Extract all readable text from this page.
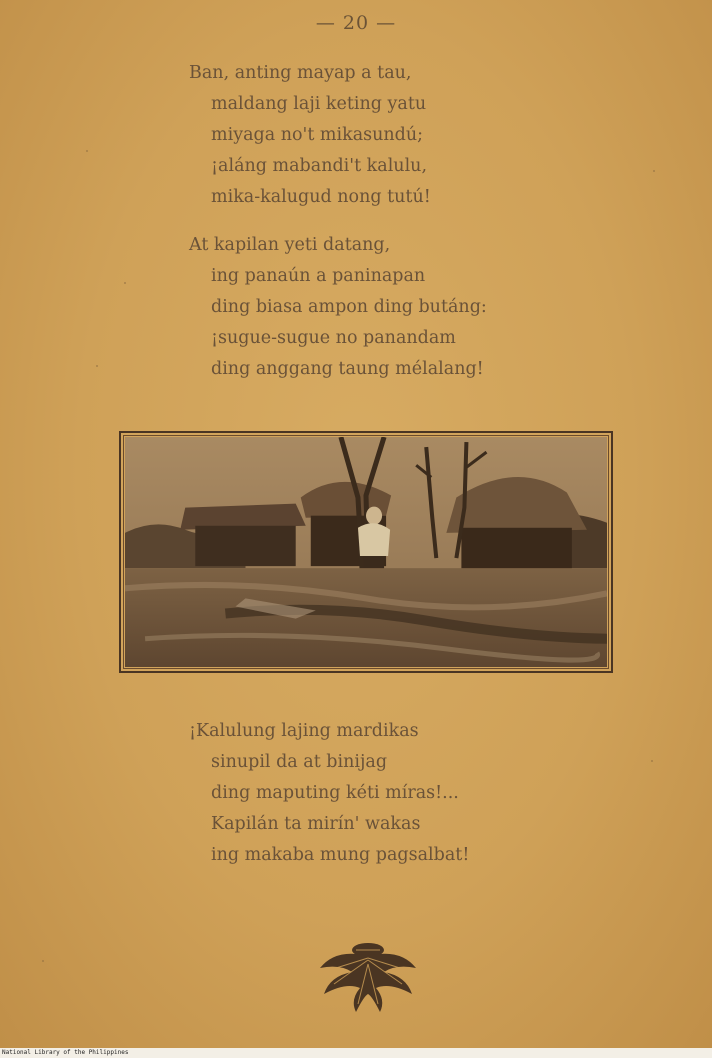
— 20 —
Ban, anting mayap a tau,
maldang laji keting yatu
miyaga no't mikasundú;
¡aláng mabandi't kalulu,
mika-kalugud nong tutú!
At kapilan yeti datang,
ing panaún a paninapan
ding biasa ampon ding butáng:
¡sugue-sugue no panandam
ding anggang taung mélalang!
¡Kalulung lajing mardikas
sinupil da at binijag
ding maputing kéti míras!...
Kapilán ta mirín' wakas
ing makaba mung pagsalbat!
National Library of the Philippines
